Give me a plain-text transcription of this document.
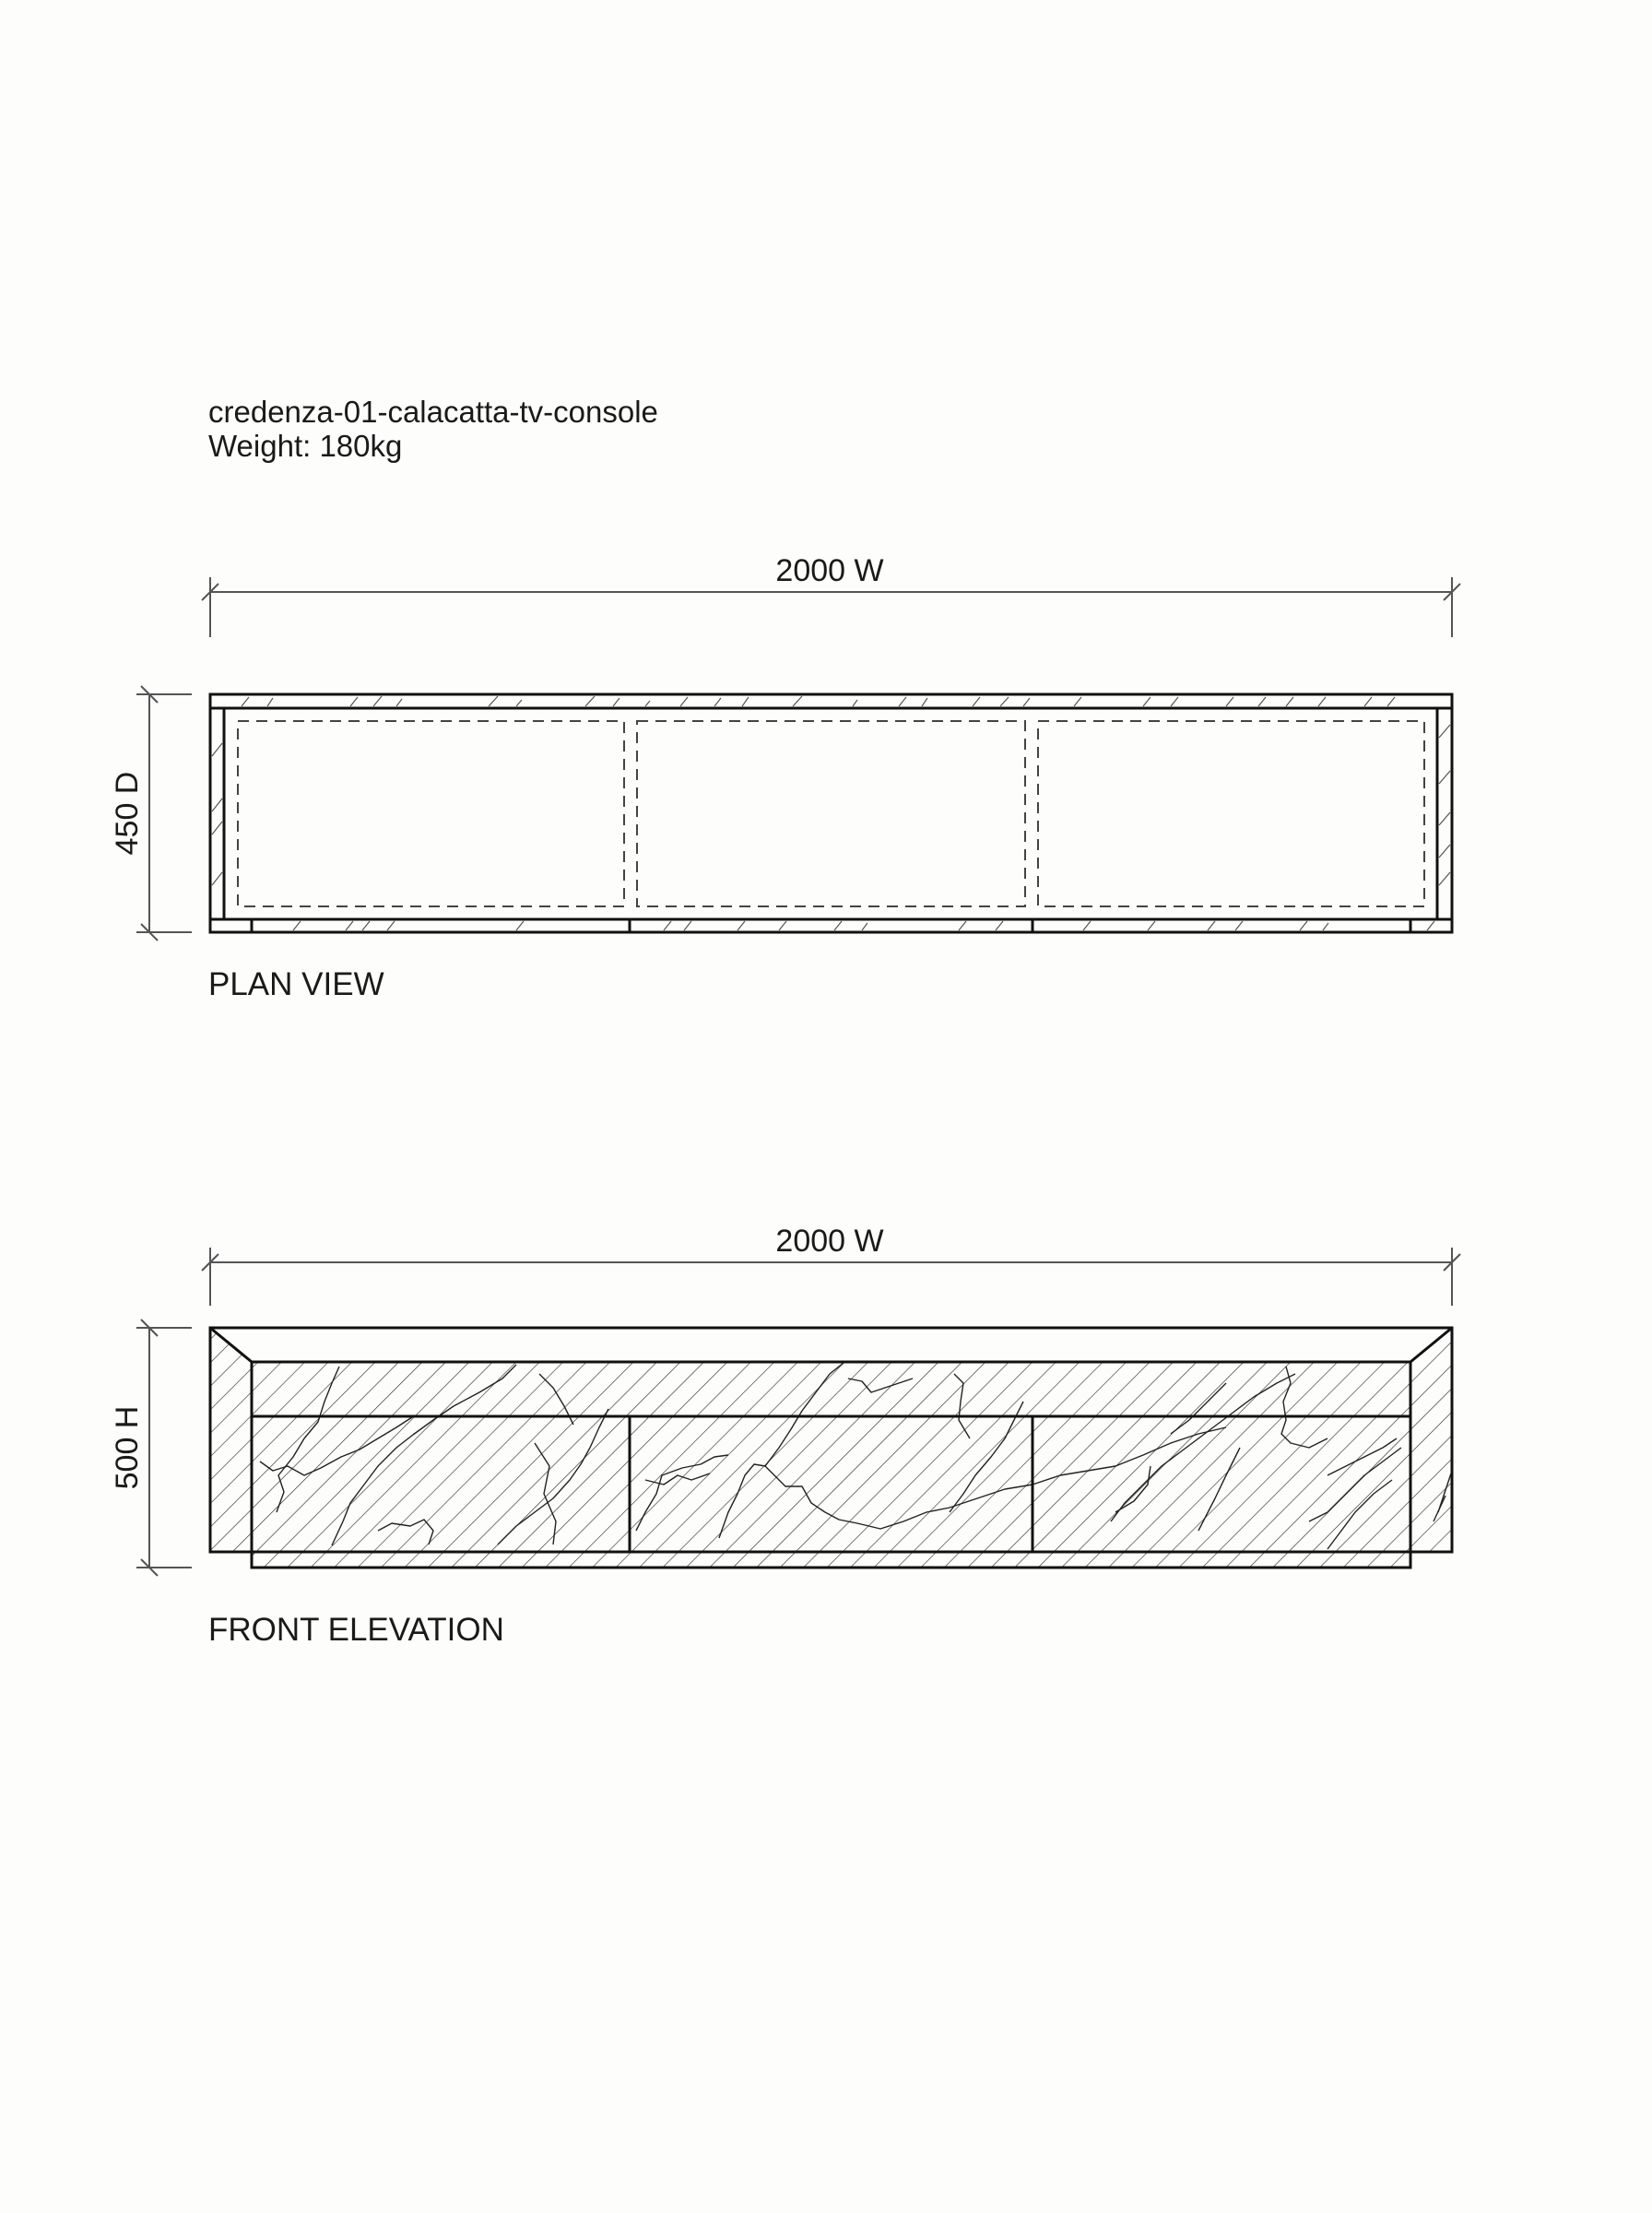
credenza-01-calacatta-tv-console
Weight: 180kg
2000 W
450 D
PLAN VIEW
2000 W
500 H
FRONT ELEVATION
